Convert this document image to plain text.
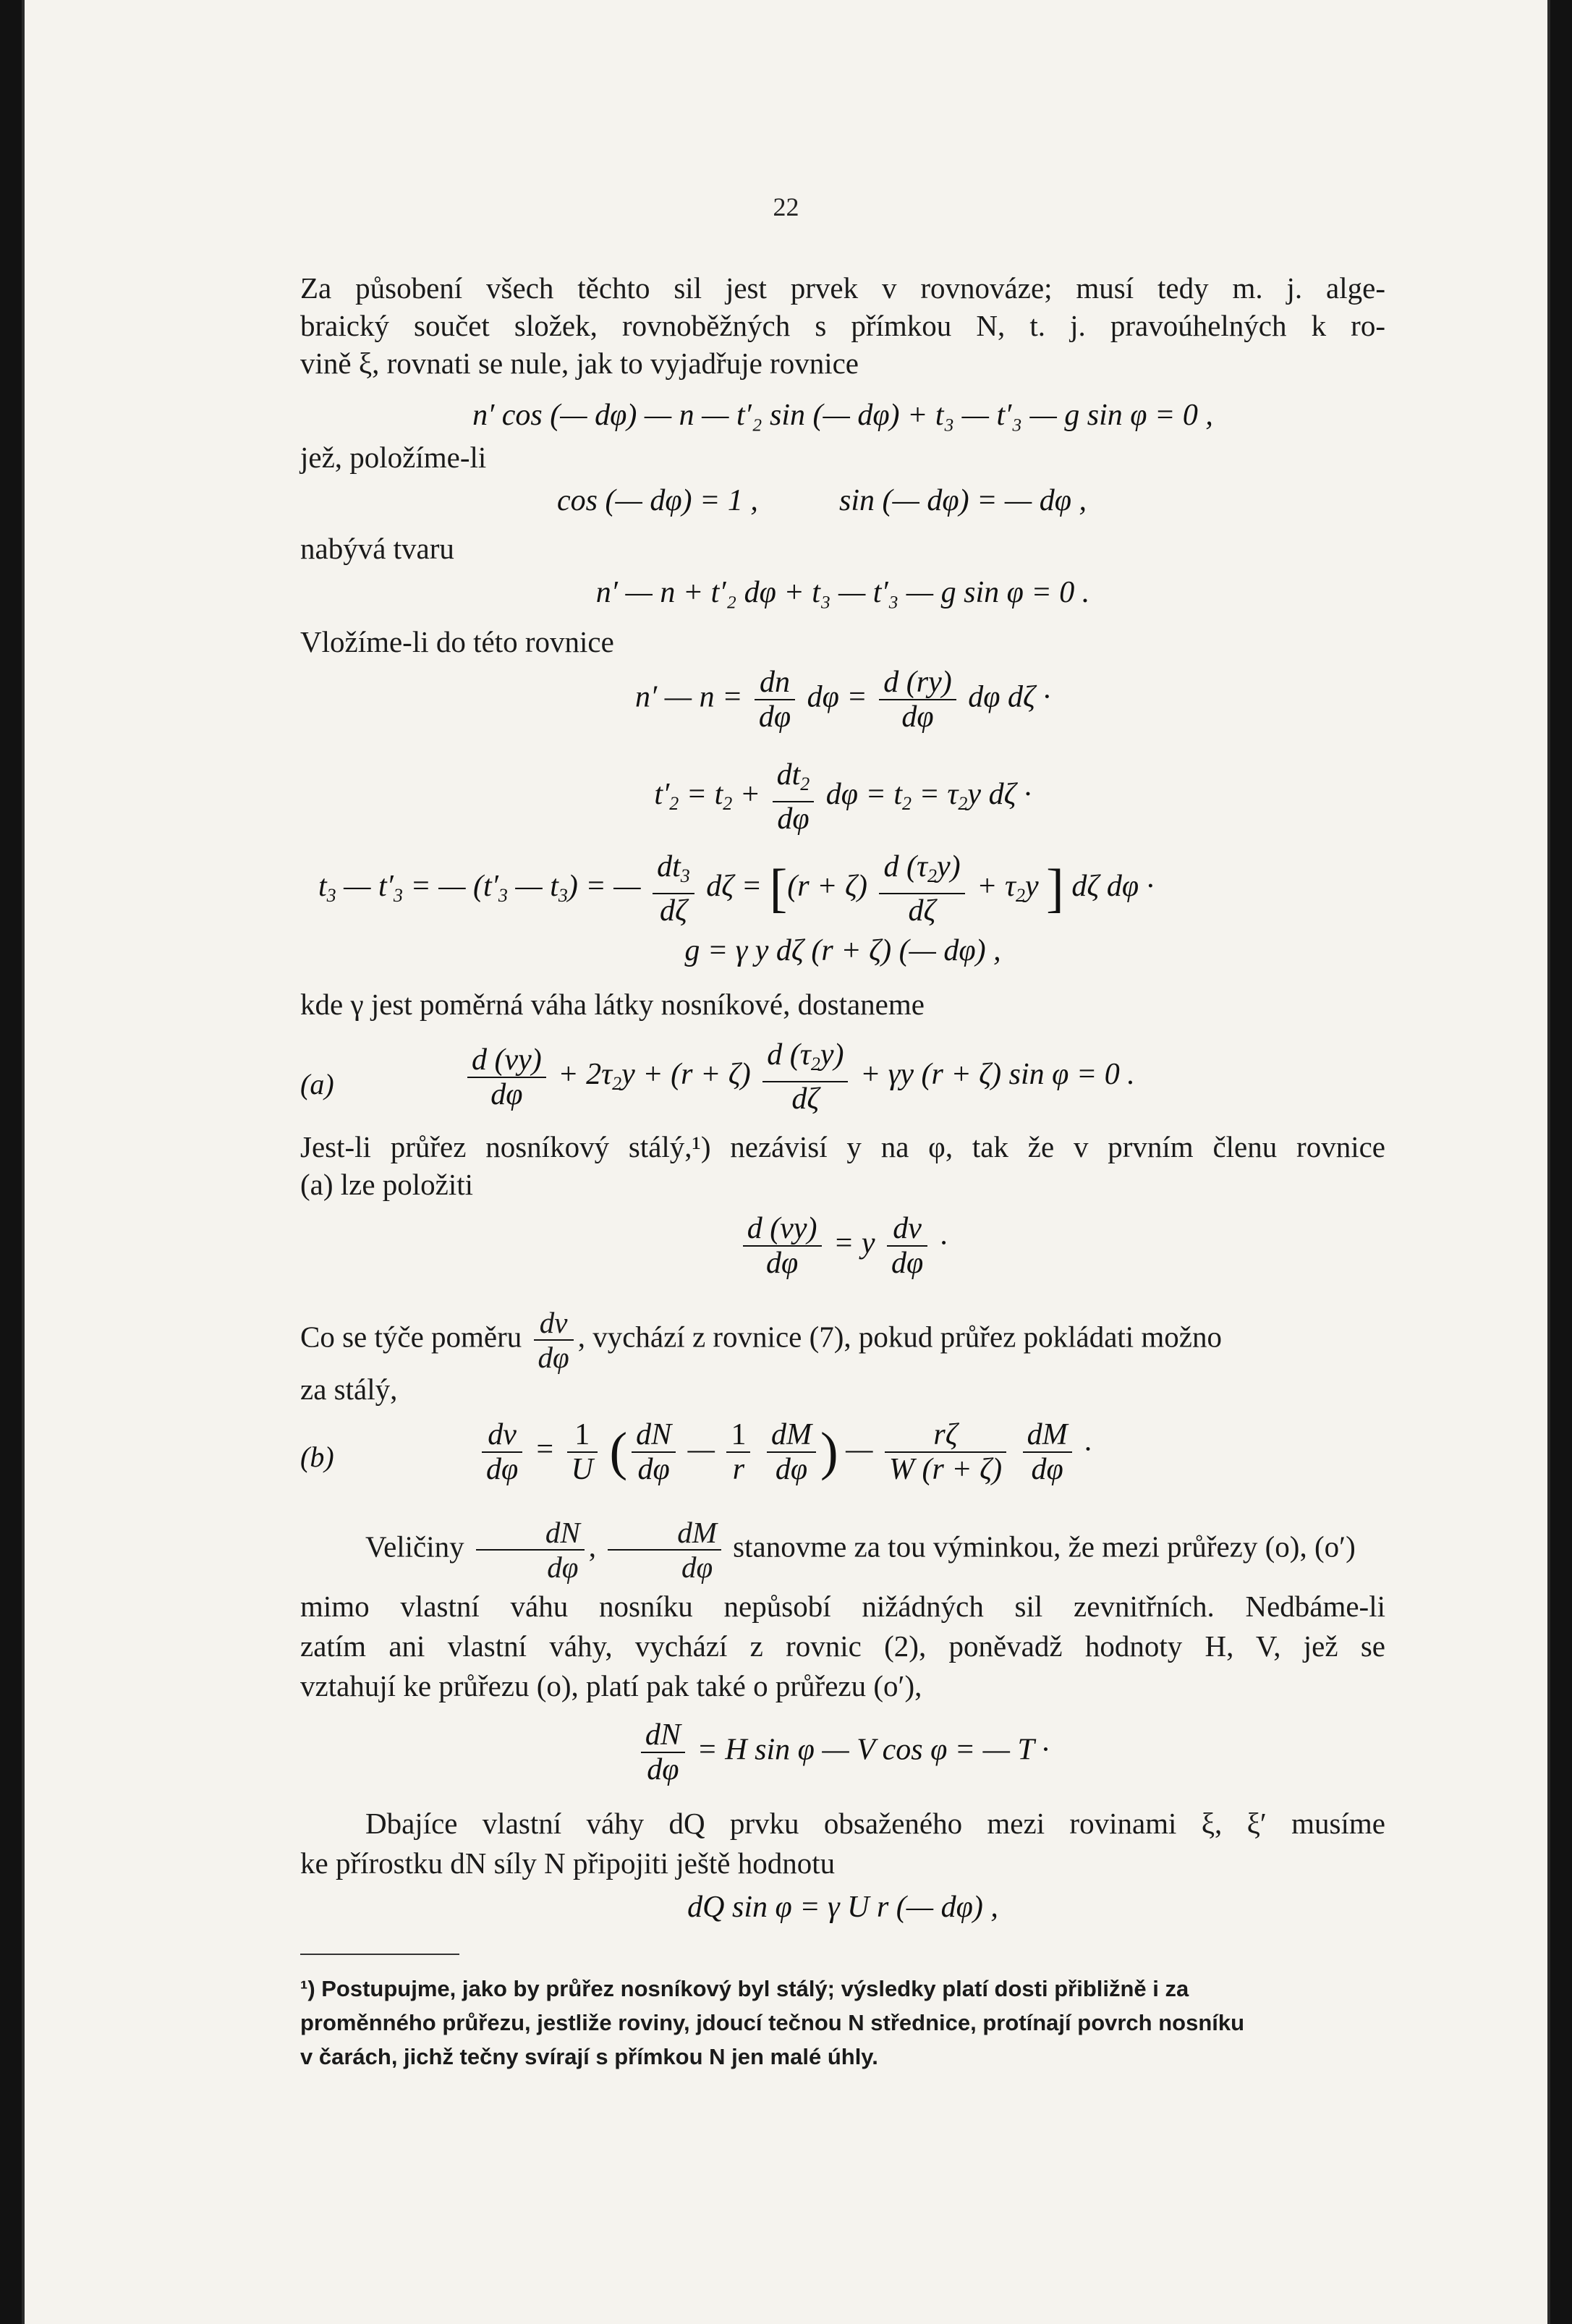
22
Za působení všech těchto sil jest prvek v rovnováze; musí tedy m. j. alge-
braický součet složek, rovnoběžných s přímkou N, t. j. pravoúhelných k ro-
vině ξ, rovnati se nule, jak to vyjadřuje rovnice
n′ cos (— dφ) — n — t′₂ sin (— dφ) + t₃ — t′₃ — g sin φ = 0 ,
jež, položíme-li
cos (— dφ) = 1 ,	sin (— dφ) = — dφ ,
nabývá tvaru
n′ — n + t′₂ dφ + t₃ — t′₃ — g sin φ = 0 .
Vložíme-li do této rovnice
n′ — $n = \frac{dn}{d\varphi}$ $d\varphi = \frac{d (ry)}{d\varphi}$ dφ dζ ·
$t'_2 = t_2 + \frac{dt_2}{d\varphi}$ $d\varphi = t_2 = \tau_2y$ dζ ·
$t_3$ — $t'_3$ = — ($t'_3$ — $t_3$) = — $\frac{dt_3}{d\zeta}$ $d\zeta = [(r + \zeta) \frac{d (\tau_2y)}{d\zeta} + \tau_2y$ ] dζ dφ ·
g = γ y dζ (r + ζ) (— dφ) ,
kde γ jest poměrná váha látky nosníkové, dostaneme
(a)	$\frac{d (\nu y)}{d\varphi} + 2\tau_2y + (r + \zeta) \frac{d (\tau_2y)}{d\zeta} + \gamma y$ (r + ζ) sin φ = 0 .
Jest-li průřez nosníkový stálý,¹) nezávisí y na φ, tak že v prvním členu rovnice
(a) lze položiti
$\frac{d (\nu y)}{d\varphi} = y \frac{d\nu}{d\varphi}$ ·
Co se týče poměru $\frac{d\nu}{d\varphi}$ , vychází z rovnice (7), pokud průřez pokládati možno
za stálý,
(b)	$\frac{d\nu}{d\varphi} = \frac{1}{U}$ ( $\frac{dN}{d\varphi}$ — $\frac{1}{r}$
$\frac{dM}{d\varphi}$ ) — $\frac{r\zeta}{W (r + \zeta)}$
$\frac{dM}{d\varphi}$ ·
Veličiny $\frac{dN}{d\varphi}$ , $\frac{dM}{d\varphi}$ stanovme za tou výminkou, že mezi průřezy (o), (o′)
mimo vlastní váhu nosníku nepůsobí nižádných sil zevnitřních. Nedbáme-li
zatím ani vlastní váhy, vychází z rovnic (2), poněvadž hodnoty H, V, jež se
vztahují ke průřezu (o), platí pak také o průřezu (o′),
$\frac{dN}{d\varphi} = H$ sin φ — V cos φ = — T ·
Dbajíce vlastní váhy dQ prvku obsaženého mezi rovinami ξ, ξ′ musíme
ke přírostku dN síly N připojiti ještě hodnotu
dQ sin φ = γ U r (— dφ) ,
¹) Postupujme, jako by průřez nosníkový byl stálý; výsledky platí dosti přibližně i za
proměnného průřezu, jestliže roviny, jdoucí tečnou N střednice, protínají povrch nosníku
v čarách, jichž tečny svírají s přímkou N jen malé úhly.
